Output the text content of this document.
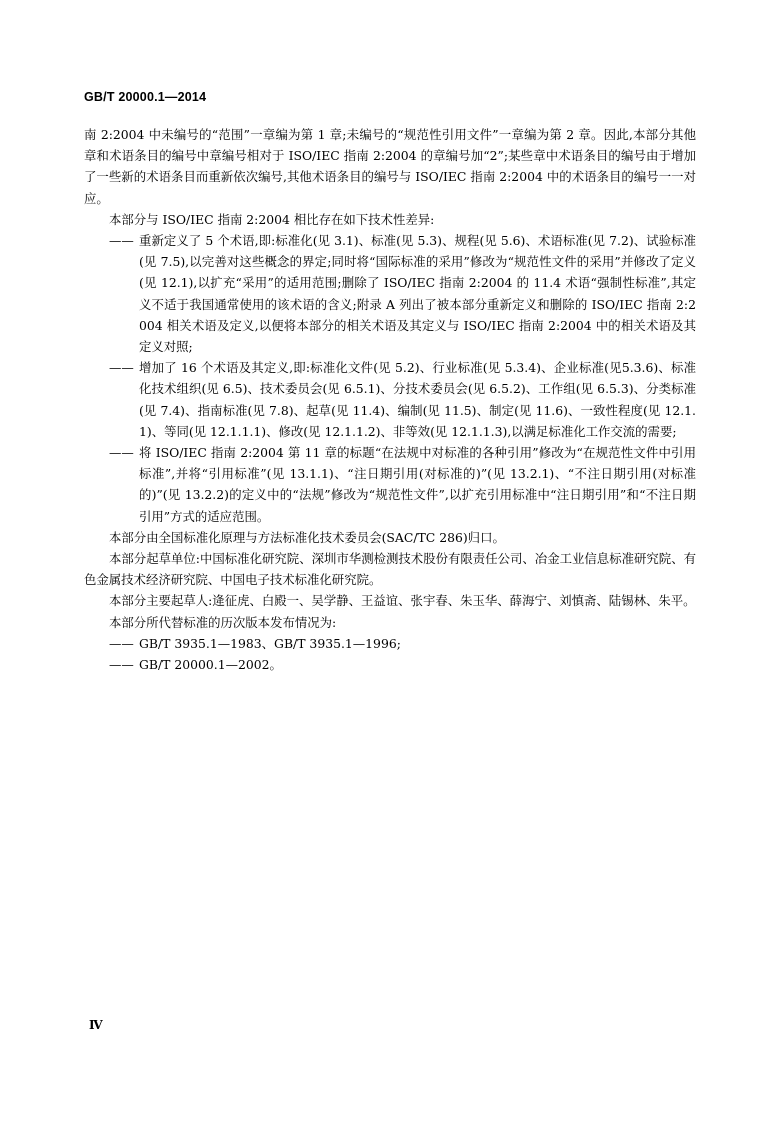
GB/T 20000.1—2014

南 2:2004 中未编号的“范围”一章编为第 1 章;未编号的“规范性引用文件”一章编为第 2 章。因此,本部分其他章和术语条目的编号中章编号相对于 ISO/IEC 指南 2:2004 的章编号加“2”;某些章中术语条目的编号由于增加了一些新的术语条目而重新依次编号,其他术语条目的编号与 ISO/IEC 指南 2:2004 中的术语条目的编号一一对应。

本部分与 ISO/IEC 指南 2:2004 相比存在如下技术性差异:

—— 重新定义了 5 个术语,即:标准化(见 3.1)、标准(见 5.3)、规程(见 5.6)、术语标准(见 7.2)、试验标准(见 7.5),以完善对这些概念的界定;同时将“国际标准的采用”修改为“规范性文件的采用”并修改了定义(见 12.1),以扩充“采用”的适用范围;删除了 ISO/IEC 指南 2:2004 的 11.4 术语“强制性标准”,其定义不适于我国通常使用的该术语的含义;附录 A 列出了被本部分重新定义和删除的 ISO/IEC 指南 2:2004 相关术语及定义,以便将本部分的相关术语及其定义与 ISO/IEC 指南 2:2004 中的相关术语及其定义对照;
—— 增加了 16 个术语及其定义,即:标准化文件(见 5.2)、行业标准(见 5.3.4)、企业标准(见5.3.6)、标准化技术组织(见 6.5)、技术委员会(见 6.5.1)、分技术委员会(见 6.5.2)、工作组(见 6.5.3)、分类标准(见 7.4)、指南标准(见 7.8)、起草(见 11.4)、编制(见 11.5)、制定(见 11.6)、一致性程度(见 12.1.1)、等同(见 12.1.1.1)、修改(见 12.1.1.2)、非等效(见 12.1.1.3),以满足标准化工作交流的需要;
—— 将 ISO/IEC 指南 2:2004 第 11 章的标题“在法规中对标准的各种引用”修改为“在规范性文件中引用标准”,并将“引用标准”(见 13.1.1)、“注日期引用(对标准的)”(见 13.2.1)、“不注日期引用(对标准的)”(见 13.2.2)的定义中的“法规”修改为“规范性文件”,以扩充引用标准中“注日期引用”和“不注日期引用”方式的适应范围。

本部分由全国标准化原理与方法标准化技术委员会(SAC/TC 286)归口。

本部分起草单位:中国标准化研究院、深圳市华测检测技术股份有限责任公司、冶金工业信息标准研究院、有色金属技术经济研究院、中国电子技术标准化研究院。

本部分主要起草人:逄征虎、白殿一、吴学静、王益谊、张宇春、朱玉华、薛海宁、刘慎斋、陆锡林、朱平。

本部分所代替标准的历次版本发布情况为:

—— GB/T 3935.1—1983、GB/T 3935.1—1996;
—— GB/T 20000.1—2002。
Ⅳ
